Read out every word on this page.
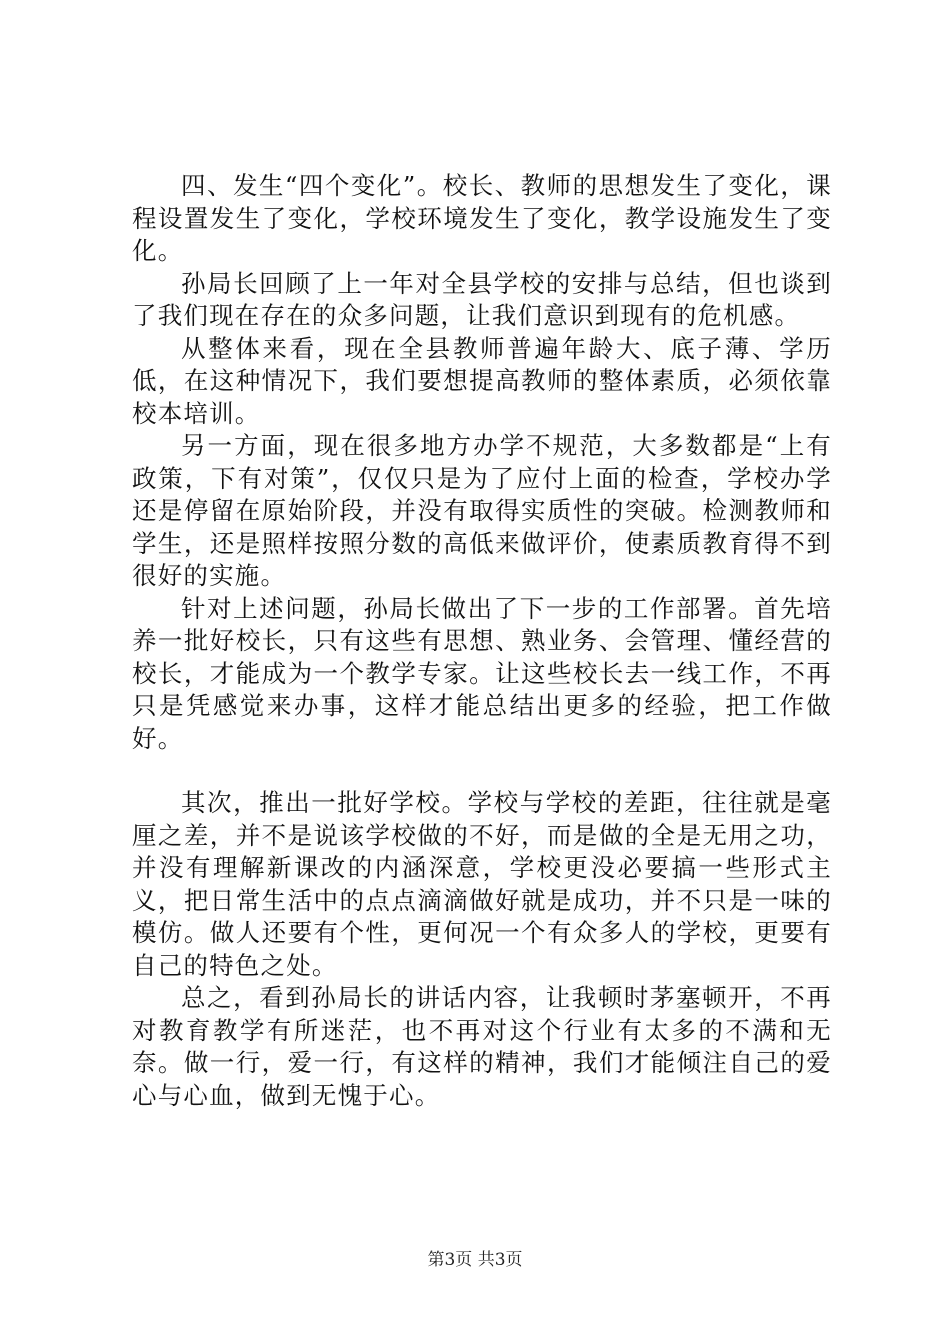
四、发生“四个变化”。校长、教师的思想发生了变化，课程设置发生了变化，学校环境发生了变化，教学设施发生了变化。

孙局长回顾了上一年对全县学校的安排与总结，但也谈到了我们现在存在的众多问题，让我们意识到现有的危机感。

从整体来看，现在全县教师普遍年龄大、底子薄、学历低，在这种情况下，我们要想提高教师的整体素质，必须依靠校本培训。

另一方面，现在很多地方办学不规范，大多数都是“上有政策，下有对策”，仅仅只是为了应付上面的检查，学校办学还是停留在原始阶段，并没有取得实质性的突破。检测教师和学生，还是照样按照分数的高低来做评价，使素质教育得不到很好的实施。

针对上述问题，孙局长做出了下一步的工作部署。首先培养一批好校长，只有这些有思想、熟业务、会管理、懂经营的校长，才能成为一个教学专家。让这些校长去一线工作，不再只是凭感觉来办事，这样才能总结出更多的经验，把工作做好。

其次，推出一批好学校。学校与学校的差距，往往就是毫厘之差，并不是说该学校做的不好，而是做的全是无用之功，并没有理解新课改的内涵深意，学校更没必要搞一些形式主义，把日常生活中的点点滴滴做好就是成功，并不只是一味的模仿。做人还要有个性，更何况一个有众多人的学校，更要有自己的特色之处。

总之，看到孙局长的讲话内容，让我顿时茅塞顿开，不再对教育教学有所迷茫，也不再对这个行业有太多的不满和无奈。做一行，爱一行，有这样的精神，我们才能倾注自己的爱心与心血，做到无愧于心。

第3页 共3页
